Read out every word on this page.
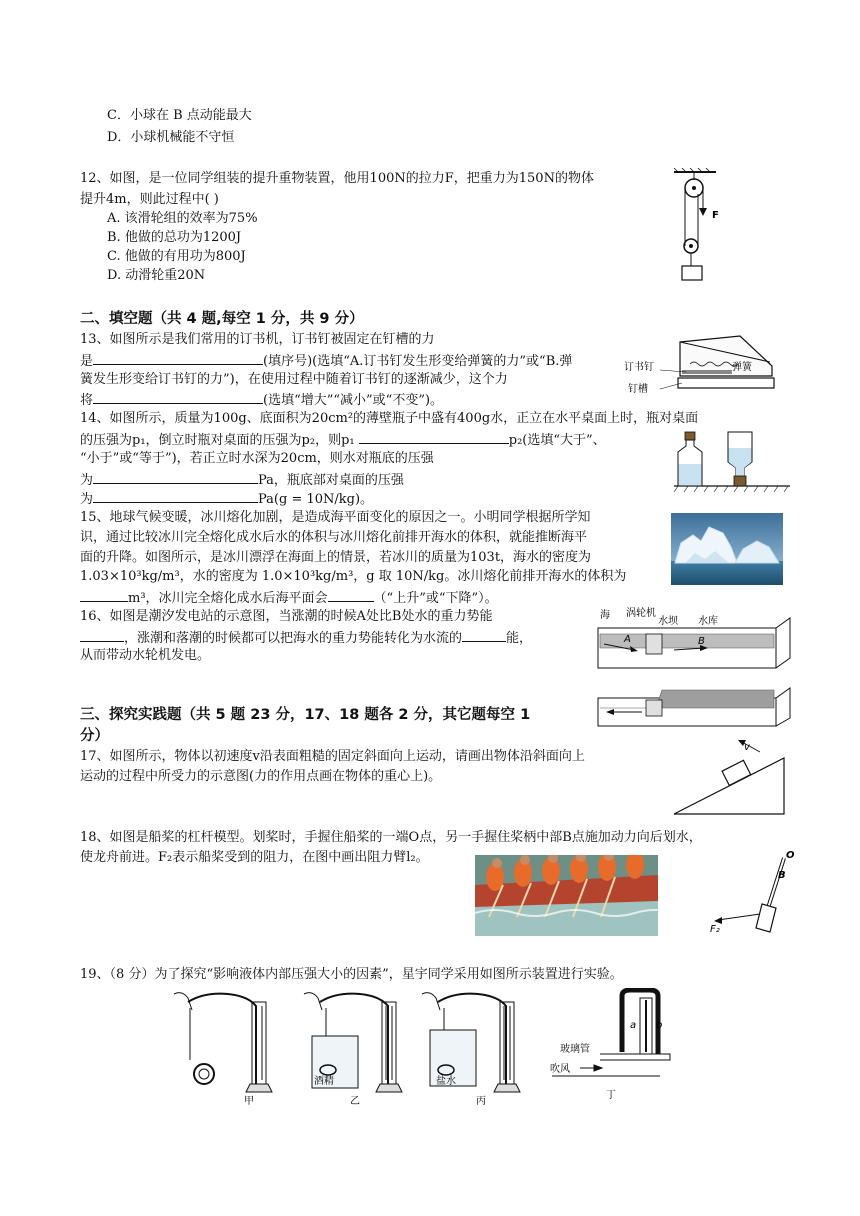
C．小球在 B 点动能最大
D．小球机械能不守恒
12、如图，是一位同学组装的提升重物装置，他用100N的拉力F，把重力为150N的物体
提升4m，则此过程中( )
A. 该滑轮组的效率为75%
B. 他做的总功为1200J
C. 他做的有用功为800J
D. 动滑轮重20N
F
二、填空题（共 4 题,每空 1 分，共 9 分）
13、如图所示是我们常用的订书机，订书钉被固定在钉槽的力
是	(填序号)(选填“A.订书钉发生形变给弹簧的力”或“B.弹
簧发生形变给订书钉的力”)，在使用过程中随着订书钉的逐渐减少，这个力
将	(选填“增大”“减小”或“不变”)。
订书钉	弹簧
钉槽
14、如图所示，质量为100g、底面积为20cm²的薄壁瓶子中盛有400g水，正立在水平桌面上时，瓶对桌面
的压强为p₁，倒立时瓶对桌面的压强为p₂，则p₁	p₂(选填“大于”、
“小于”或“等于”)，若正立时水深为20cm，则水对瓶底的压强
为	Pa，瓶底部对桌面的压强
为	Pa(g = 10N/kg)。
15、地球气候变暖，冰川熔化加剧，是造成海平面变化的原因之一。小明同学根据所学知
识，通过比较冰川完全熔化成水后水的体积与冰川熔化前排开海水的体积，就能推断海平
面的升降。如图所示，是冰川漂浮在海面上的情景，若冰川的质量为103t，海水的密度为
1.03×10³kg/m³，水的密度为 1.0×10³kg/m³，g 取 10N/kg。冰川熔化前排开海水的体积为
m³，冰川完全熔化成水后海平面会	（“上升”或“下降”）。
16、如图是潮汐发电站的示意图，当涨潮的时候A处比B处水的重力势能
，涨潮和落潮的时候都可以把海水的重力势能转化为水流的	能，
从而带动水轮机发电。
海 涡轮机
水坝 水库
A	B
三、探究实践题（共 5 题 23 分，17、18 题各 2 分，其它题每空 1
分）
17、如图所示，物体以初速度v沿表面粗糙的固定斜面向上运动，请画出物体沿斜面向上
运动的过程中所受力的示意图(力的作用点画在物体的重心上)。
v
18、如图是船桨的杠杆模型。划桨时，手握住船桨的一端O点，另一手握住桨柄中部B点施加动力向后划水，
使龙舟前进。F₂表示船桨受到的阻力，在图中画出阻力臂l₂。	O
B
F₂
19、（8 分）为了探究“影响液体内部压强大小的因素”，星宇同学采用如图所示装置进行实验。
甲
酒精
乙
盐水
丙
a b
玻璃管
吹风
丁
